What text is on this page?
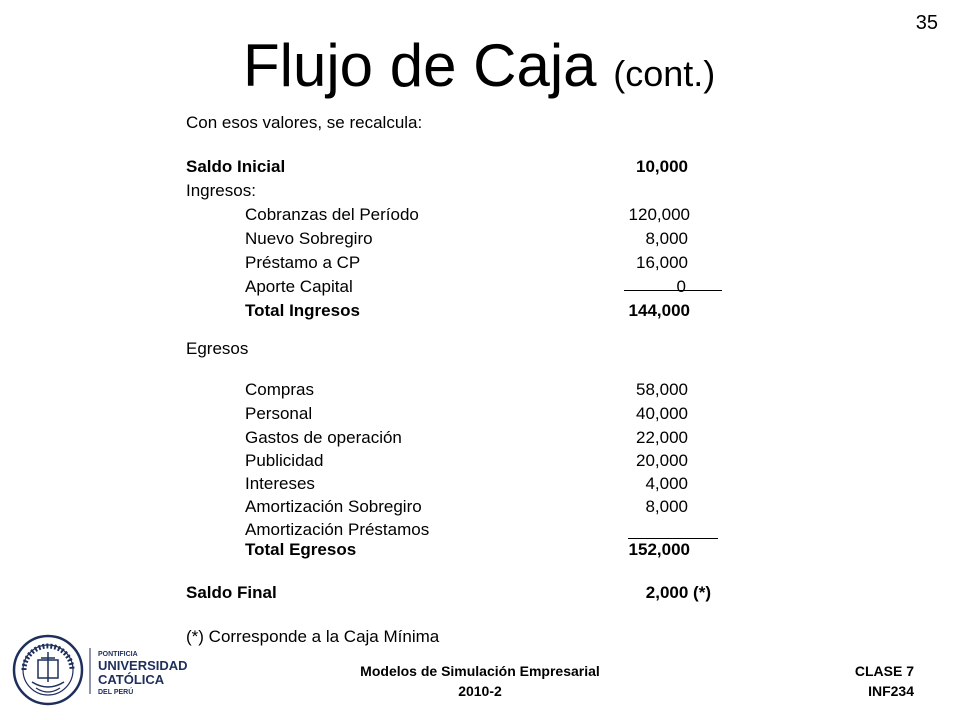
35
Flujo de Caja (cont.)
Con esos valores, se recalcula:
Saldo Inicial	10,000
Ingresos:
Cobranzas del Período	120,000
Nuevo Sobregiro	8,000
Préstamo a CP	16,000
Aporte Capital	0
Total Ingresos	144,000
Egresos
Compras	58,000
Personal	40,000
Gastos de operación	22,000
Publicidad	20,000
Intereses	4,000
Amortización Sobregiro	8,000
Amortización Préstamos
Total Egresos	152,000
Saldo Final	2,000 (*)
(*) Corresponde a la Caja Mínima
Modelos de Simulación Empresarial
2010-2
CLASE 7
INF234
PONTIFICIA
UNIVERSIDAD
CATÓLICA
DEL PERÚ
